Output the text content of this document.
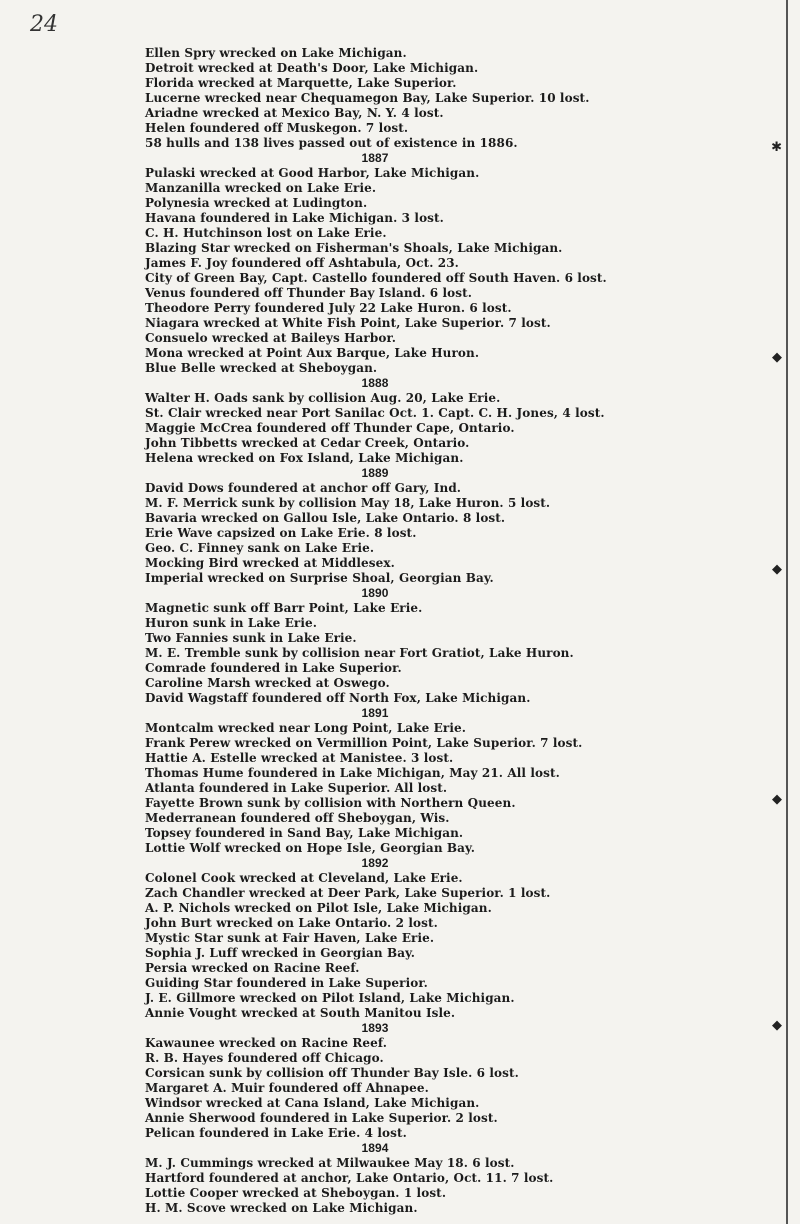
24
✱
◆
◆
◆
◆
Ellen Spry wrecked on Lake Michigan.
Detroit wrecked at Death's Door, Lake Michigan.
Florida wrecked at Marquette, Lake Superior.
Lucerne wrecked near Chequamegon Bay, Lake Superior. 10 lost.
Ariadne wrecked at Mexico Bay, N. Y. 4 lost.
Helen foundered off Muskegon. 7 lost.
58 hulls and 138 lives passed out of existence in 1886.
1887
Pulaski wrecked at Good Harbor, Lake Michigan.
Manzanilla wrecked on Lake Erie.
Polynesia wrecked at Ludington.
Havana foundered in Lake Michigan. 3 lost.
C. H. Hutchinson lost on Lake Erie.
Blazing Star wrecked on Fisherman's Shoals, Lake Michigan.
James F. Joy foundered off Ashtabula, Oct. 23.
City of Green Bay, Capt. Castello foundered off South Haven. 6 lost.
Venus foundered off Thunder Bay Island. 6 lost.
Theodore Perry foundered July 22 Lake Huron. 6 lost.
Niagara wrecked at White Fish Point, Lake Superior. 7 lost.
Consuelo wrecked at Baileys Harbor.
Mona wrecked at Point Aux Barque, Lake Huron.
Blue Belle wrecked at Sheboygan.
1888
Walter H. Oads sank by collision Aug. 20, Lake Erie.
St. Clair wrecked near Port Sanilac Oct. 1. Capt. C. H. Jones, 4 lost.
Maggie McCrea foundered off Thunder Cape, Ontario.
John Tibbetts wrecked at Cedar Creek, Ontario.
Helena wrecked on Fox Island, Lake Michigan.
1889
David Dows foundered at anchor off Gary, Ind.
M. F. Merrick sunk by collision May 18, Lake Huron. 5 lost.
Bavaria wrecked on Gallou Isle, Lake Ontario. 8 lost.
Erie Wave capsized on Lake Erie. 8 lost.
Geo. C. Finney sank on Lake Erie.
Mocking Bird wrecked at Middlesex.
Imperial wrecked on Surprise Shoal, Georgian Bay.
1890
Magnetic sunk off Barr Point, Lake Erie.
Huron sunk in Lake Erie.
Two Fannies sunk in Lake Erie.
M. E. Tremble sunk by collision near Fort Gratiot, Lake Huron.
Comrade foundered in Lake Superior.
Caroline Marsh wrecked at Oswego.
David Wagstaff foundered off North Fox, Lake Michigan.
1891
Montcalm wrecked near Long Point, Lake Erie.
Frank Perew wrecked on Vermillion Point, Lake Superior. 7 lost.
Hattie A. Estelle wrecked at Manistee. 3 lost.
Thomas Hume foundered in Lake Michigan, May 21. All lost.
Atlanta foundered in Lake Superior. All lost.
Fayette Brown sunk by collision with Northern Queen.
Mederranean foundered off Sheboygan, Wis.
Topsey foundered in Sand Bay, Lake Michigan.
Lottie Wolf wrecked on Hope Isle, Georgian Bay.
1892
Colonel Cook wrecked at Cleveland, Lake Erie.
Zach Chandler wrecked at Deer Park, Lake Superior. 1 lost.
A. P. Nichols wrecked on Pilot Isle, Lake Michigan.
John Burt wrecked on Lake Ontario. 2 lost.
Mystic Star sunk at Fair Haven, Lake Erie.
Sophia J. Luff wrecked in Georgian Bay.
Persia wrecked on Racine Reef.
Guiding Star foundered in Lake Superior.
J. E. Gillmore wrecked on Pilot Island, Lake Michigan.
Annie Vought wrecked at South Manitou Isle.
1893
Kawaunee wrecked on Racine Reef.
R. B. Hayes foundered off Chicago.
Corsican sunk by collision off Thunder Bay Isle. 6 lost.
Margaret A. Muir foundered off Ahnapee.
Windsor wrecked at Cana Island, Lake Michigan.
Annie Sherwood foundered in Lake Superior. 2 lost.
Pelican foundered in Lake Erie. 4 lost.
1894
M. J. Cummings wrecked at Milwaukee May 18. 6 lost.
Hartford foundered at anchor, Lake Ontario, Oct. 11. 7 lost.
Lottie Cooper wrecked at Sheboygan. 1 lost.
H. M. Scove wrecked on Lake Michigan.
